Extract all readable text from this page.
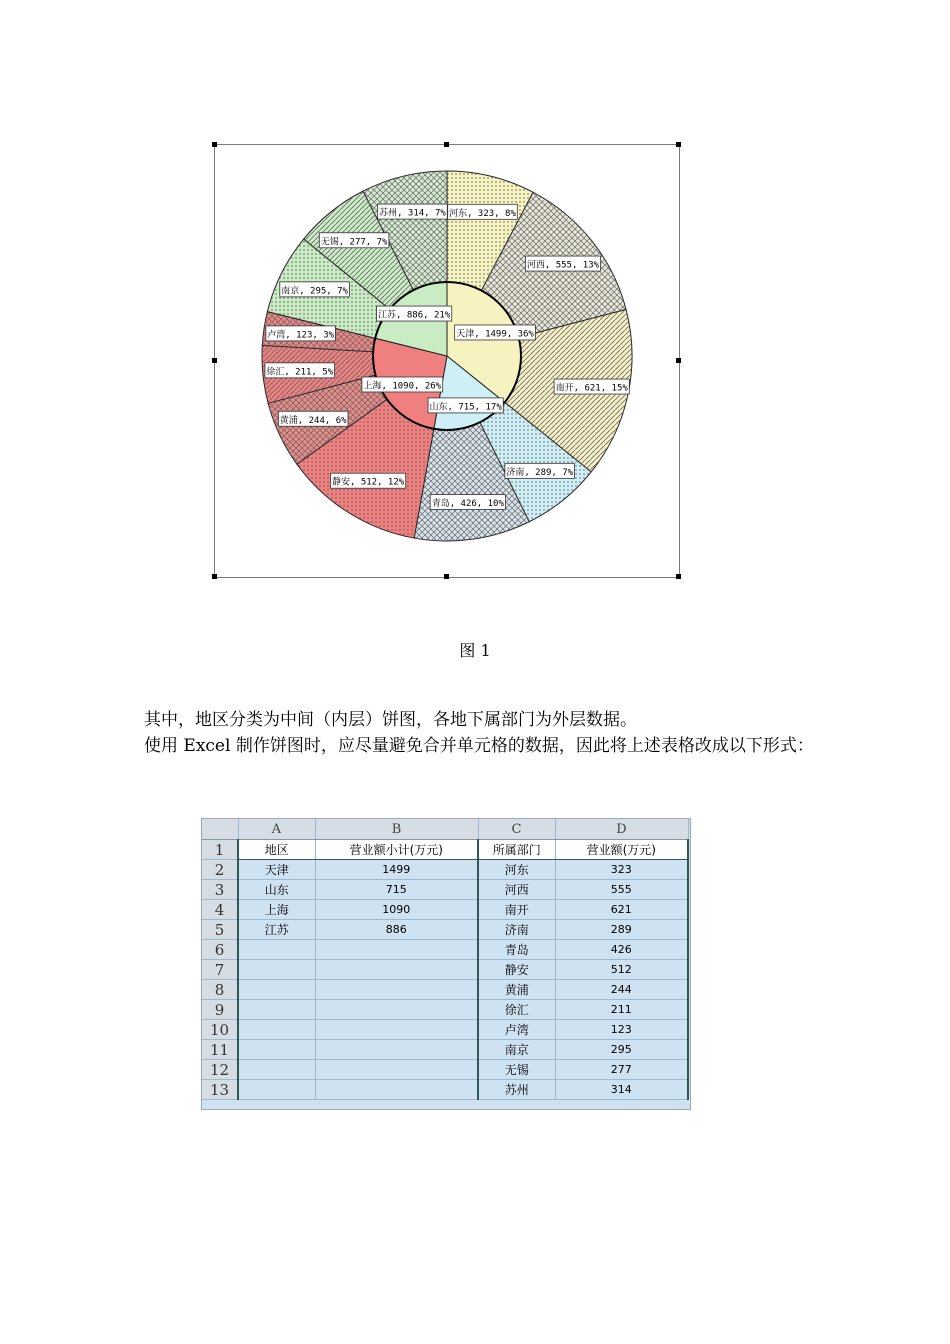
河东, 323, 8%
河西, 555, 13%
南开, 621, 15%
济南, 289, 7%
青岛, 426, 10%
静安, 512, 12%
黄浦, 244, 6%
徐汇, 211, 5%
卢湾, 123, 3%
南京, 295, 7%
无锡, 277, 7%
苏州, 314, 7%
天津, 1499, 36%
山东, 715, 17%
上海, 1090, 26%
江苏, 886, 21%
图 1
其中，地区分类为中间（内层）饼图，各地下属部门为外层数据。
使用 Excel 制作饼图时，应尽量避免合并单元格的数据，因此将上述表格改成以下形式：
	A	B	C	D
1	地区	营业额小计(万元)	所属部门	营业额(万元)
2	天津	1499	河东	323
3	山东	715	河西	555
4	上海	1090	南开	621
5	江苏	886	济南	289
6			青岛	426
7			静安	512
8			黄浦	244
9			徐汇	211
10			卢湾	123
11			南京	295
12			无锡	277
13			苏州	314
